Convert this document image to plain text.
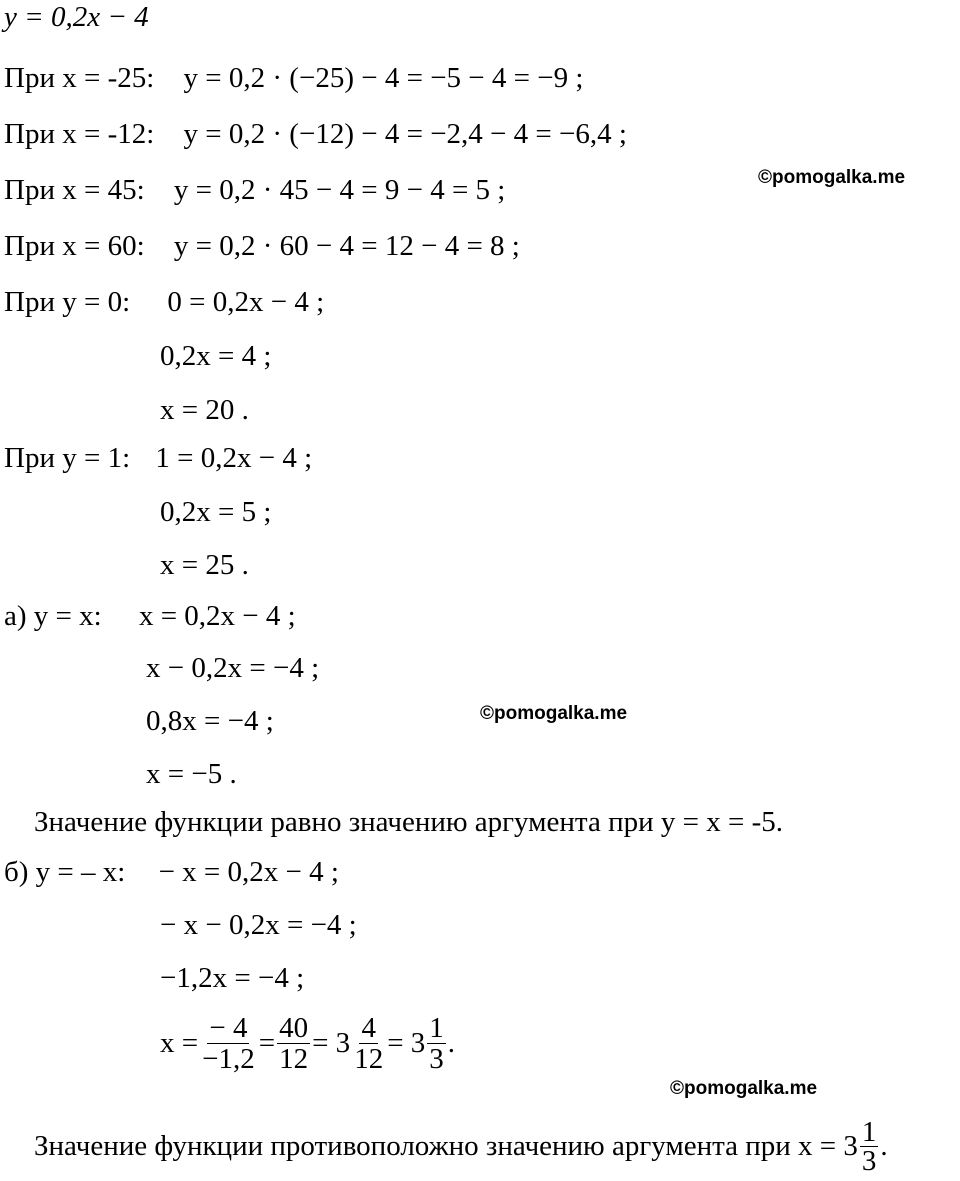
y = 0,2x − 4
При x = -25: y = 0,2 · (−25) − 4 = −5 − 4 = −9 ;
При x = -12: y = 0,2 · (−12) − 4 = −2,4 − 4 = −6,4 ;
При x = 45: y = 0,2 · 45 − 4 = 9 − 4 = 5 ;	©pomogalka.me
При x = 60: y = 0,2 · 60 − 4 = 12 − 4 = 8 ;
При y = 0: 0 = 0,2x − 4 ;
0,2x = 4 ;
x = 20 .
При y = 1: 1 = 0,2x − 4 ;
0,2x = 5 ;
x = 25 .
а) y = x: x = 0,2x − 4 ;
x − 0,2x = −4 ;
0,8x = −4 ;	©pomogalka.me
x = −5 .
Значение функции равно значению аргумента при y = x = -5.
б) y = – x: − x = 0,2x − 4 ;
− x − 0,2x = −4 ;
−1,2x = −4 ;
$x = \frac{- 4}{-1,2} = \frac{40}{12} = 3 \frac{4}{12} = 3 \frac{1}{3}$ .
©pomogalka.me
Значение функции противоположно значению аргумента при $x = 3 \frac{1}{3}$ .
